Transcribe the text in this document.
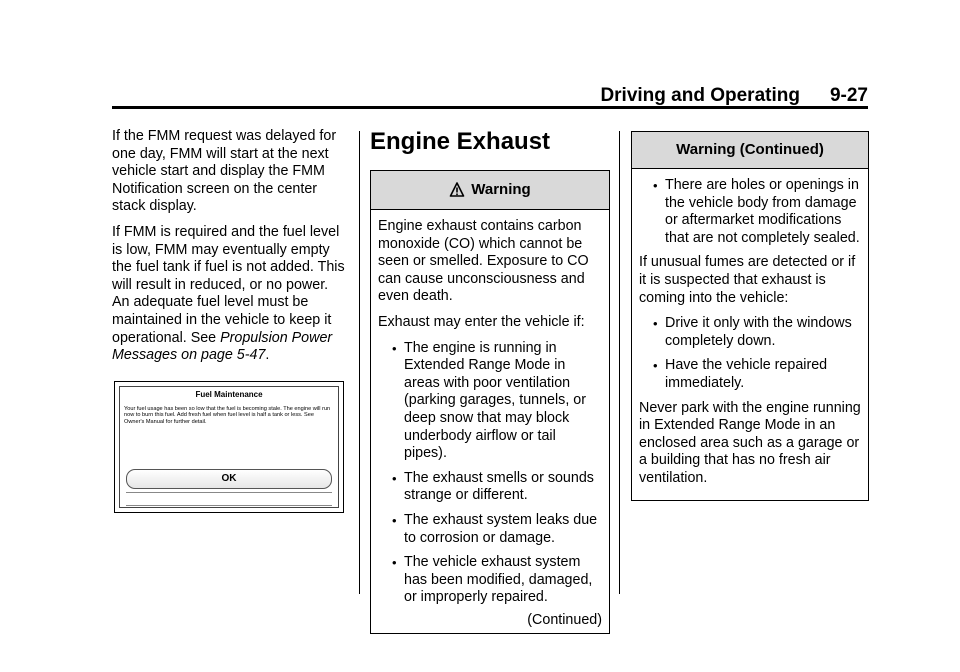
Driving and Operating 9-27

If the FMM request was delayed for one day, FMM will start at the next vehicle start and display the FMM Notification screen on the center stack display.

If FMM is required and the fuel level is low, FMM may eventually empty the fuel tank if fuel is not added. This will result in reduced, or no power. An adequate fuel level must be maintained in the vehicle to keep it operational. See Propulsion Power Messages on page 5-47.

Fuel Maintenance
Your fuel usage has been so low that the fuel is becoming stale. The engine will run now to burn this fuel. Add fresh fuel when fuel level is half a tank or less. See Owner's Manual for further detail.
OK
Engine Exhaust
Warning

Engine exhaust contains carbon monoxide (CO) which cannot be seen or smelled. Exposure to CO can cause unconsciousness and even death.

Exhaust may enter the vehicle if:

• The engine is running in Extended Range Mode in areas with poor ventilation (parking garages, tunnels, or deep snow that may block underbody airflow or tail pipes).
• The exhaust smells or sounds strange or different.
• The exhaust system leaks due to corrosion or damage.
• The vehicle exhaust system has been modified, damaged, or improperly repaired.
(Continued)
Warning (Continued)
• There are holes or openings in the vehicle body from damage or aftermarket modifications that are not completely sealed.

If unusual fumes are detected or if it is suspected that exhaust is coming into the vehicle:

• Drive it only with the windows completely down.
• Have the vehicle repaired immediately.

Never park with the engine running in Extended Range Mode in an enclosed area such as a garage or a building that has no fresh air ventilation.
